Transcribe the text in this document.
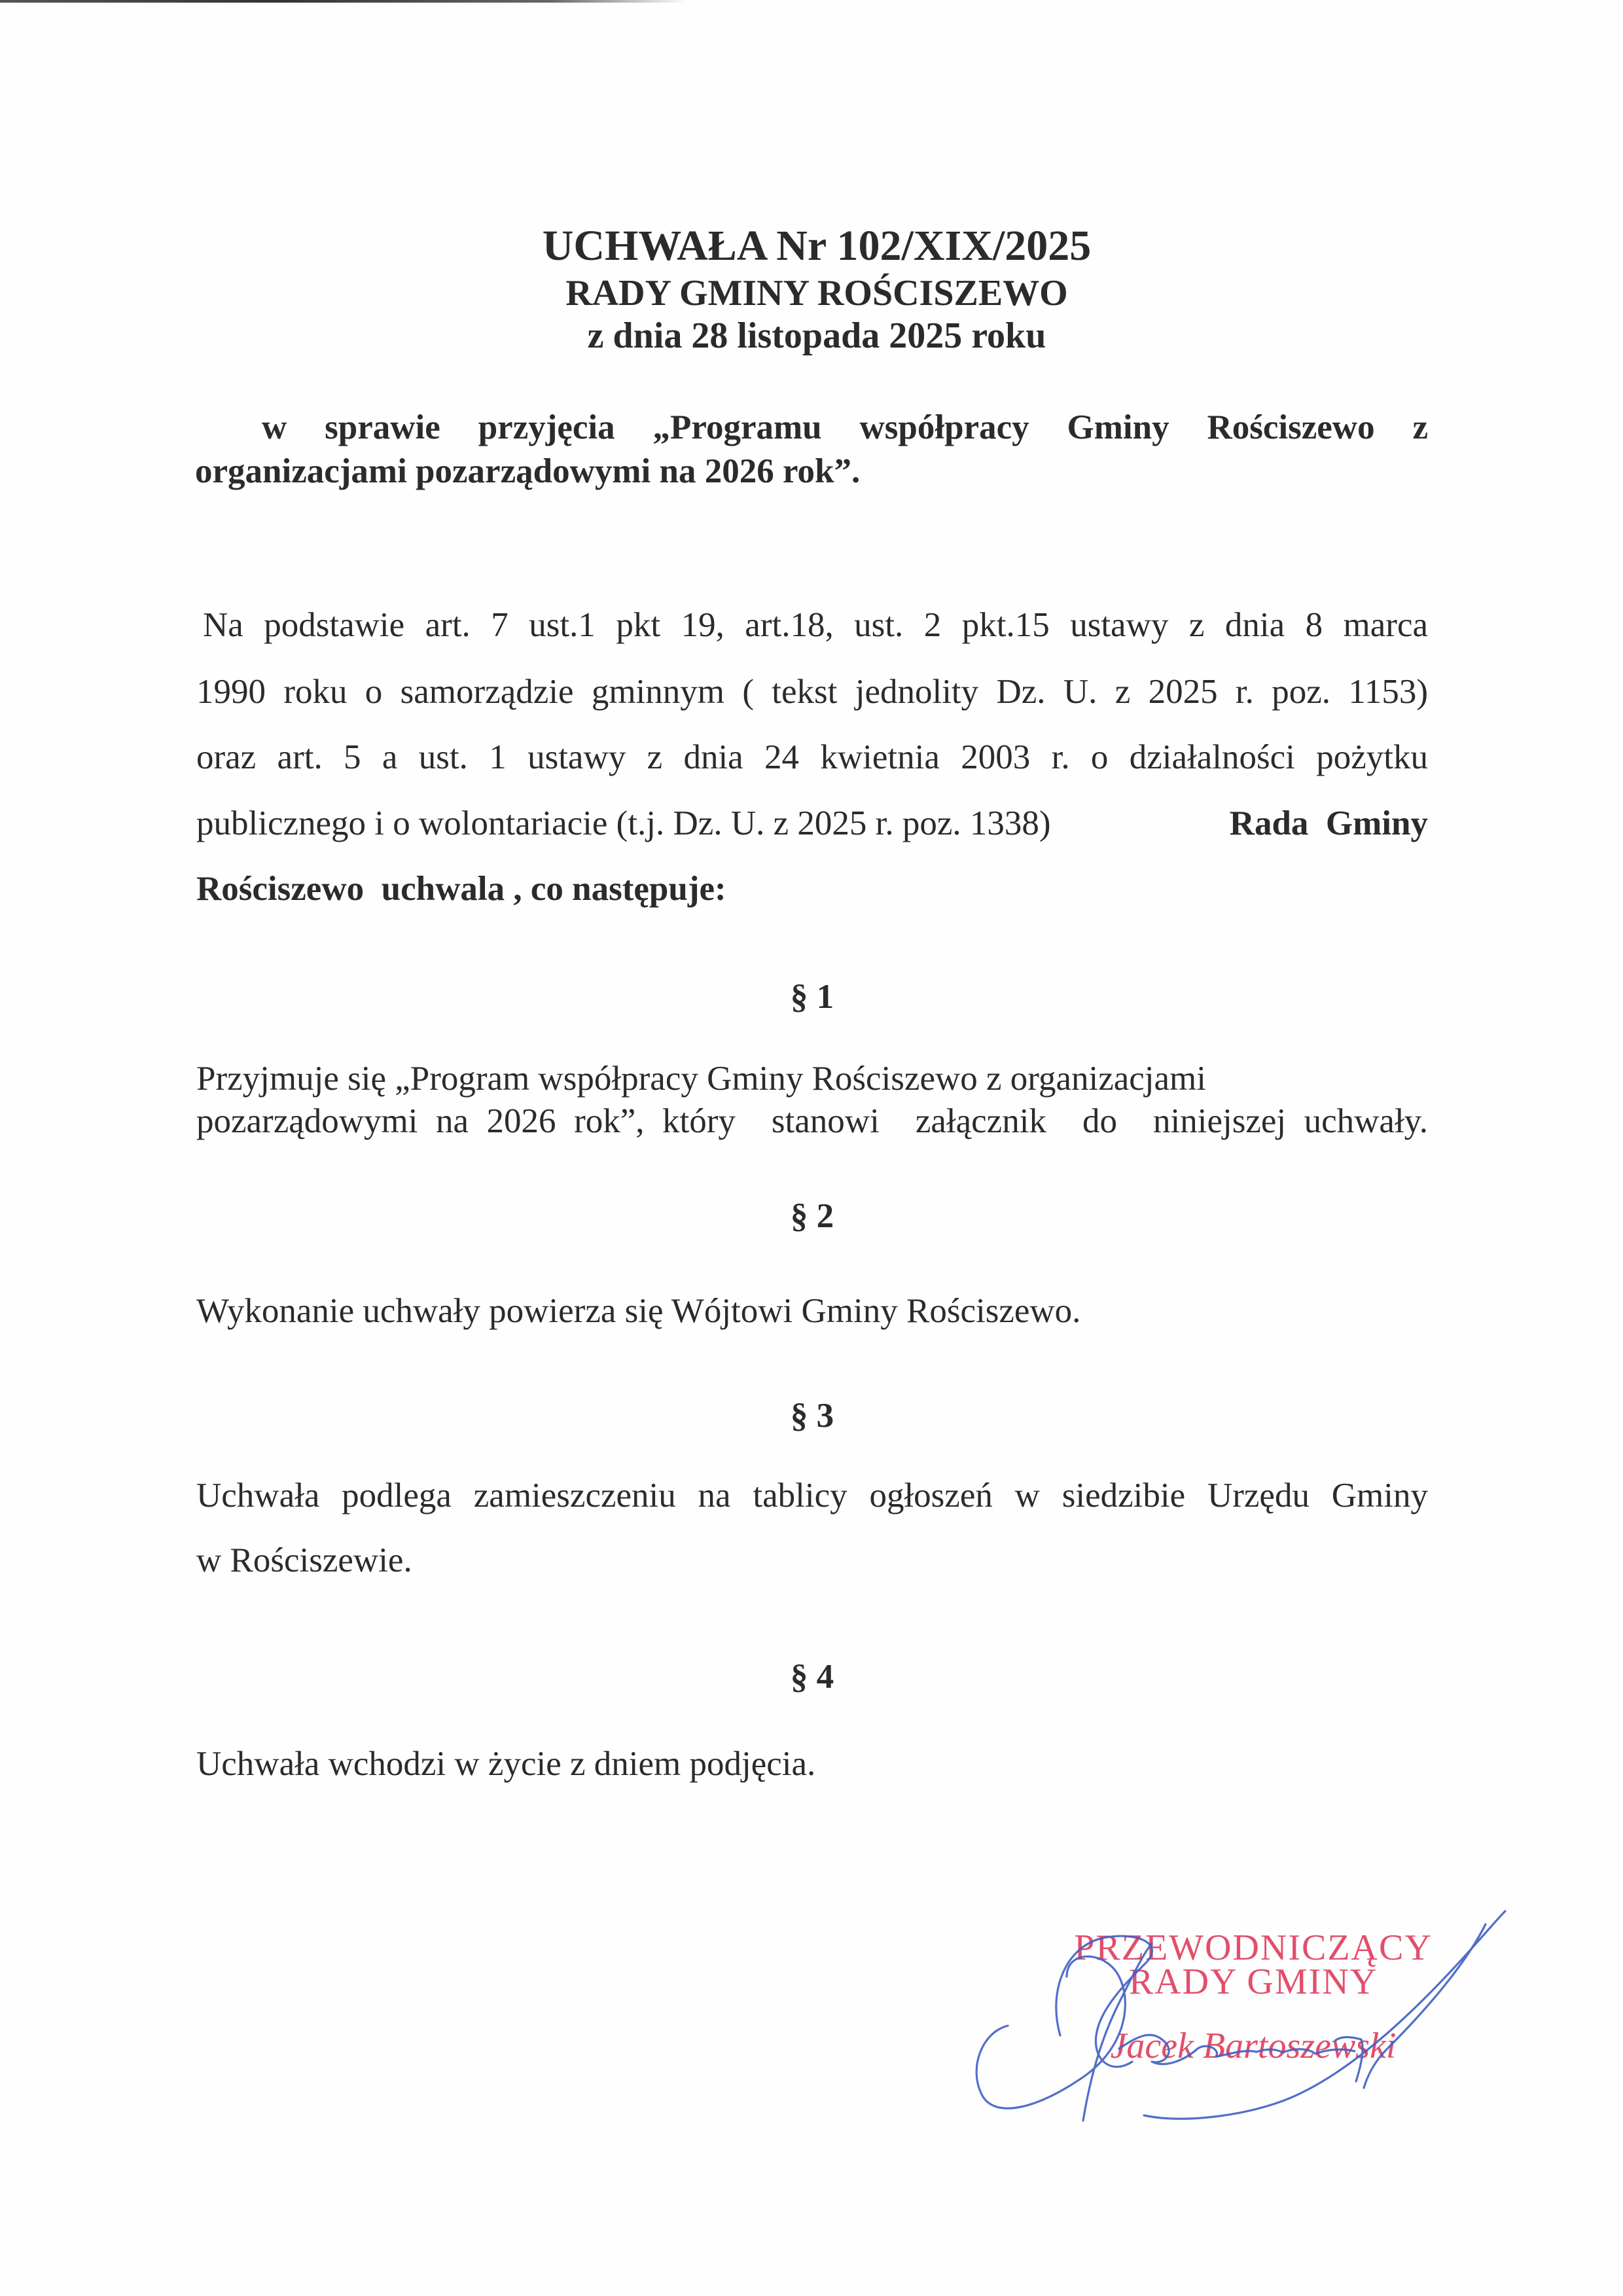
UCHWAŁA Nr 102/XIX/2025
RADY GMINY ROŚCISZEWO
z dnia 28 listopada 2025 roku
w sprawie przyjęcia „Programu współpracy Gminy Rościszewo z
organizacjami pozarządowymi na 2026 rok”.
Na podstawie art. 7 ust.1 pkt 19, art.18, ust. 2 pkt.15 ustawy z dnia 8 marca
1990 roku o samorządzie gminnym ( tekst jednolity Dz. U. z 2025 r. poz. 1153)
oraz art. 5 a ust. 1 ustawy z dnia 24 kwietnia 2003 r. o działalności pożytku
publicznego i o wolontariacie (t.j. Dz. U. z 2025 r. poz. 1338)	Rada  Gminy
Rościszewo  uchwala , co następuje:
§ 1
Przyjmuje się „Program współpracy Gminy Rościszewo z organizacjami
pozarządowymi na 2026 rok”, który  stanowi  załącznik  do  niniejszej uchwały.
§ 2
Wykonanie uchwały powierza się Wójtowi Gminy Rościszewo.
§ 3
Uchwała podlega zamieszczeniu na tablicy ogłoszeń w siedzibie Urzędu Gminy
w Rościszewie.
§ 4
Uchwała wchodzi w życie z dniem podjęcia.
PRZEWODNICZĄCY
RADY GMINY
Jacek Bartoszewski
